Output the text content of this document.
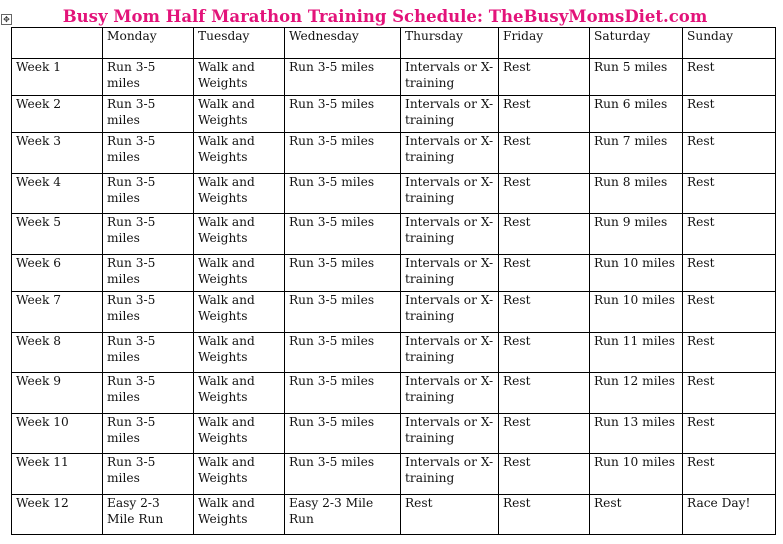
Busy Mom Half Marathon Training Schedule: TheBusyMomsDiet.com
✥
	Monday	Tuesday	Wednesday	Thursday	Friday	Saturday	Sunday
Week 1	Run 3-5 miles	Walk and Weights	Run 3-5 miles	Intervals or X-training	Rest	Run 5 miles	Rest
Week 2	Run 3-5 miles	Walk and Weights	Run 3-5 miles	Intervals or X-training	Rest	Run 6 miles	Rest
Week 3	Run 3-5 miles	Walk and Weights	Run 3-5 miles	Intervals or X-training	Rest	Run 7 miles	Rest
Week 4	Run 3-5 miles	Walk and Weights	Run 3-5 miles	Intervals or X-training	Rest	Run 8 miles	Rest
Week 5	Run 3-5 miles	Walk and Weights	Run 3-5 miles	Intervals or X-training	Rest	Run 9 miles	Rest
Week 6	Run 3-5 miles	Walk and Weights	Run 3-5 miles	Intervals or X-training	Rest	Run 10 miles	Rest
Week 7	Run 3-5 miles	Walk and Weights	Run 3-5 miles	Intervals or X-training	Rest	Run 10 miles	Rest
Week 8	Run 3-5 miles	Walk and Weights	Run 3-5 miles	Intervals or X-training	Rest	Run 11 miles	Rest
Week 9	Run 3-5 miles	Walk and Weights	Run 3-5 miles	Intervals or X-training	Rest	Run 12 miles	Rest
Week 10	Run 3-5 miles	Walk and Weights	Run 3-5 miles	Intervals or X-training	Rest	Run 13 miles	Rest
Week 11	Run 3-5 miles	Walk and Weights	Run 3-5 miles	Intervals or X-training	Rest	Run 10 miles	Rest
Week 12	Easy 2-3 Mile Run	Walk and Weights	Easy 2-3 Mile Run	Rest	Rest	Rest	Race Day!
